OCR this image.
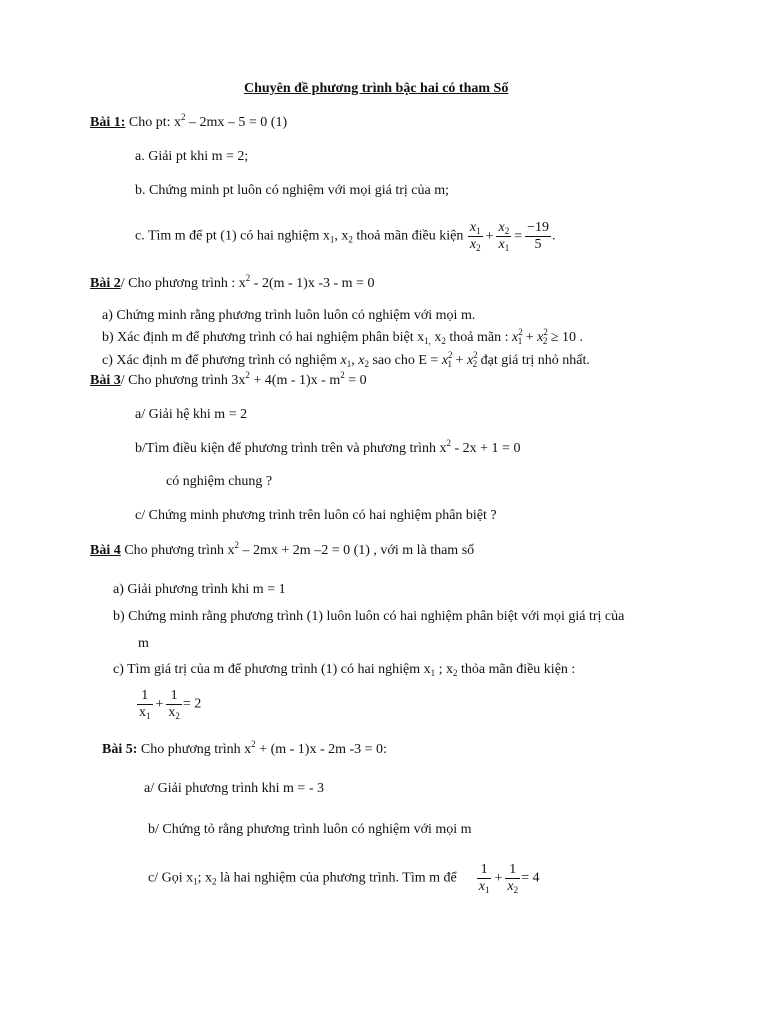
Chuyên đề phương trình bậc hai có tham Số
Bài 1: Cho pt: $x^2 - 2mx - 5 = 0$ (1)
a. Giải pt khi m = 2;
b. Chứng minh pt luôn có nghiệm với mọi giá trị của m;
c. Tìm m để pt (1) có hai nghiệm $x_1$, $x_2$ thoả mãn điều kiện $\frac{x_1}{x_2} + \frac{x_2}{x_1} = \frac{-19}{5}$ .
Bài 2/ Cho phương trình : $x^2 - 2(m - 1)x$ -3 - m = 0
a) Chứng minh rằng phương trình luôn luôn có nghiệm với mọi m.
b) Xác định m để phương trình có hai nghiệm phân biệt $x_{1,}$ $x_2$ thoả mãn : $x^2_1 + x^2_2 \ge 10$ .
c) Xác định m để phương trình có nghiệm $x_1$, $x_2$ sao cho $E = x^2_1 + x^2_2$ đạt giá trị nhỏ nhất.
Bài 3/ Cho phương trình $3x^2 + 4(m - 1)x - m^2 = 0$
a/ Giải hệ khi m = 2
b/Tìm điều kiện để phương trình trên và phương trình $x^2 - 2x + 1 = 0$
có nghiệm chung ?
c/ Chứng minh phương trình trên luôn có hai nghiệm phân biệt ?
Bài 4 Cho phương trình $x^2 - 2mx + 2m$ –2 = 0 (1) , với m là tham số
a) Giải phương trình khi m = 1
b) Chứng minh rằng phương trình (1) luôn luôn có hai nghiệm phân biệt với mọi giá trị của
m
c) Tìm giá trị của m để phương trình (1) có hai nghiệm $x_1$ ; $x_2$ thỏa mãn điều kiện :
$\frac{1}{x_1} + \frac{1}{x_2} = 2$
Bài 5: Cho phương trình $x^2 + (m - 1)x - 2m$ -3 = 0:
a/ Giải phương trình khi m = - 3
b/ Chứng tỏ rằng phương trình luôn có nghiệm với mọi m
c/ Gọi $x_1$; $x_2$ là hai nghiệm của phương trình. Tìm m để $\frac{1}{x_1} + \frac{1}{x_2} = 4$
